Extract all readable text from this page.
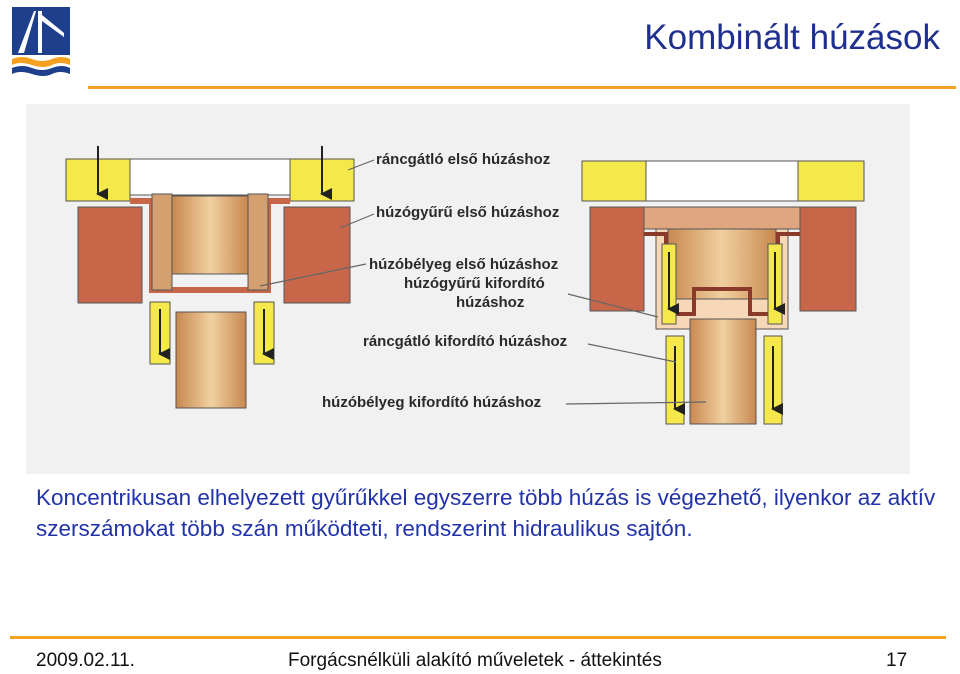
Kombinált húzások
ráncgátló első húzáshoz
húzógyűrű első húzáshoz
húzóbélyeg első húzáshoz
húzógyűrű kifordító
húzáshoz
ráncgátló kifordító húzáshoz
húzóbélyeg kifordító húzáshoz
Koncentrikusan elhelyezett gyűrűkkel egyszerre több húzás is végezhető, ilyenkor az aktív szerszámokat több szán működteti, rendszerint hidraulikus sajtón.
2009.02.11.	Forgácsnélküli alakító műveletek - áttekintés	17
